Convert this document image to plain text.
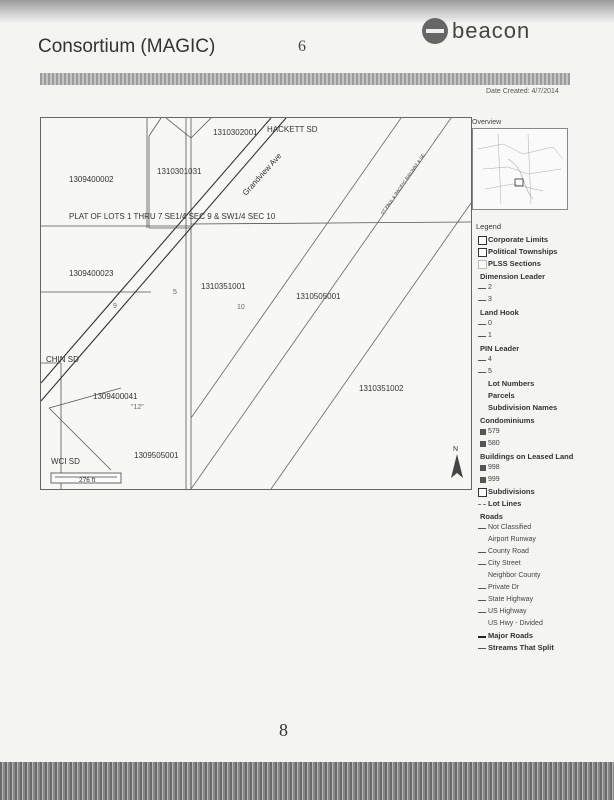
Consortium (MAGIC)	6
beacon
Date Created: 4/7/2014
1310302001
1310301031
1309400002
1309400023
1310351001
1310505001
1310351002
1309400041
1309505001
HACKETT SD
PLAT OF LOTS 1 THRU 7 SE1/4 SEC 9 & SW1/4 SEC 10
CHIN SD
WCI SD
Grandview Ave	ST PAUL & PACIFIC RAILWAY & SE
9
5
10
"12"
276 ft
N
Overview
Legend
Corporate Limits
Political Townships
PLSS Sections
Dimension Leader
2
3
Land Hook
0
1
PIN Leader
4
5
Lot Numbers
Parcels
Subdivision Names
Condominiums
579
580
Buildings on Leased Land
998
999
Subdivisions
Lot Lines
Roads
Not Classified
Airport Runway
County Road
City Street
Neighbor County
Private Dr
State Highway
US Highway
US Hwy - Divided
Major Roads
Streams That Split
8
